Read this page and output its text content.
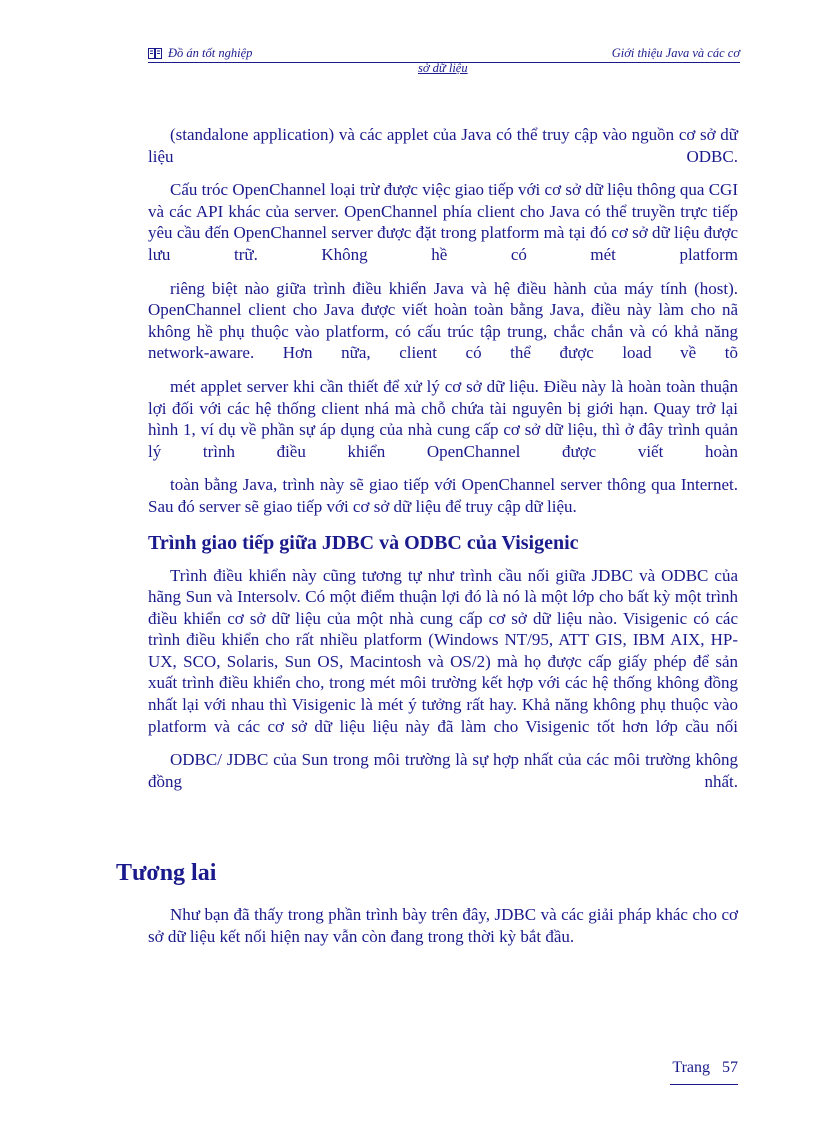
Đồ án tốt nghiệp	Giới thiệu Java và các cơ
sở dữ liệu

(standalone application) và các applet của Java có thể truy cập vào nguồn cơ sở dữ liệu ODBC.

Cấu tróc OpenChannel loại trừ được việc giao tiếp với cơ sở dữ liệu thông qua CGI và các API khác của server. OpenChannel phía client cho Java có thể truyền trực tiếp yêu cầu đến OpenChannel server được đặt trong platform mà tại đó cơ sở dữ liệu được lưu trữ. Không hề có mét platform

riêng biệt nào giữa trình điều khiển Java và hệ điều hành của máy tính (host). OpenChannel client cho Java được viết hoàn toàn bằng Java, điều này làm cho nã không hề phụ thuộc vào platform, có cấu trúc tập trung, chắc chắn và có khả năng network-aware. Hơn nữa, client có thể được load về tõ

mét applet server khi cần thiết để xử lý cơ sở dữ liệu. Điều này là hoàn toàn thuận lợi đối với các hệ thống client nhá mà chỗ chứa tài nguyên bị giới hạn. Quay trở lại hình 1, ví dụ về phần sự áp dụng của nhà cung cấp cơ sở dữ liệu, thì ở đây trình quản lý trình điều khiển OpenChannel được viết hoàn

toàn bằng Java, trình này sẽ giao tiếp với OpenChannel server thông qua Internet. Sau đó server sẽ giao tiếp với cơ sở dữ liệu để truy cập dữ liệu.

Trình giao tiếp giữa JDBC và ODBC của Visigenic

Trình điều khiển này cũng tương tự như trình cầu nối giữa JDBC và ODBC của hãng Sun và Intersolv. Có một điểm thuận lợi đó là nó là một lớp cho bất kỳ một trình điều khiển cơ sở dữ liệu của một nhà cung cấp cơ sở dữ liệu nào. Visigenic có các trình điều khiển cho rất nhiều platform (Windows NT/95, ATT GIS, IBM AIX, HP-UX, SCO, Solaris, Sun OS, Macintosh và OS/2) mà họ được cấp giấy phép để sản xuất trình điều khiển cho, trong mét môi trường kết hợp với các hệ thống không đồng nhất lại với nhau thì Visigenic là mét ý tưởng rất hay. Khả năng không phụ thuộc vào platform và các cơ sở dữ liệu liệu này đã làm cho Visigenic tốt hơn lớp cầu nối

ODBC/ JDBC của Sun trong môi trường là sự hợp nhất của các môi trường không đồng nhất.

Tương lai

Như bạn đã thấy trong phần trình bày trên đây, JDBC và các giải pháp khác cho cơ sở dữ liệu kết nối hiện nay vẫn còn đang trong thời kỳ bắt đầu.

Trang 57
